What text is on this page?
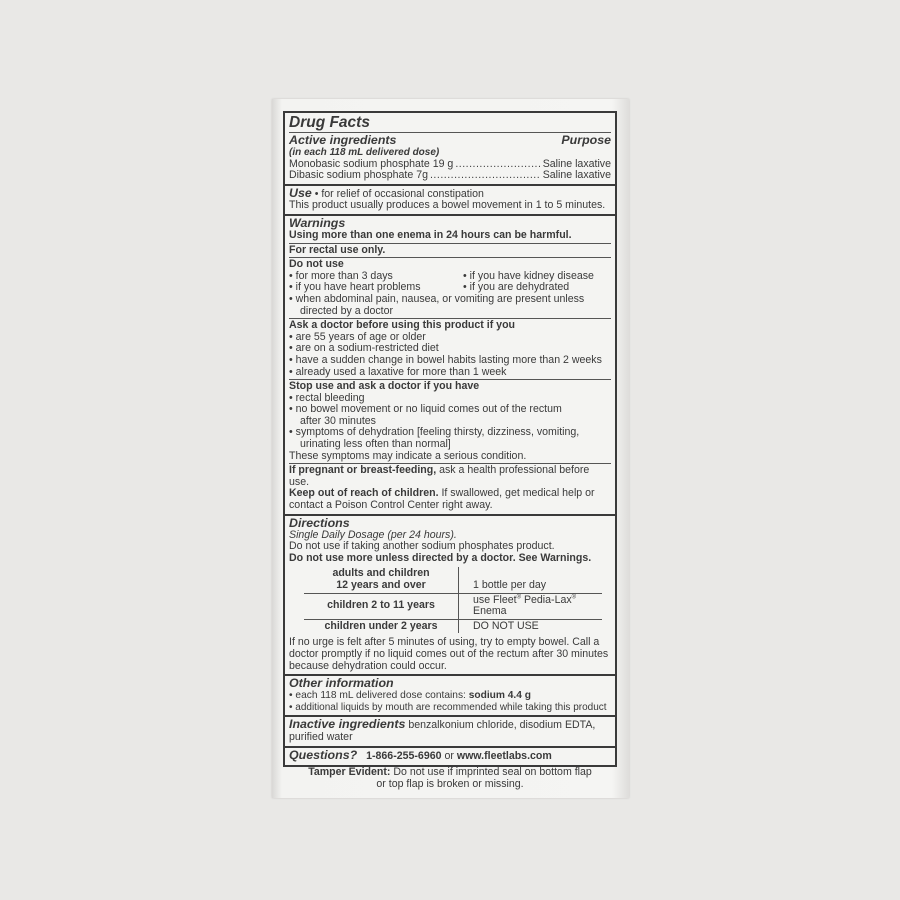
Drug Facts
Active ingredients	Purpose
(in each 118 mL delivered dose)
Monobasic sodium phosphate 19 g .....	Saline laxative
Dibasic sodium phosphate 7g .....	Saline laxative
Use • for relief of occasional constipation
This product usually produces a bowel movement in 1 to 5 minutes.
Warnings
Using more than one enema in 24 hours can be harmful.
For rectal use only.
Do not use
• for more than 3 days
• if you have heart problems
• if you have kidney disease
• if you are dehydrated
• when abdominal pain, nausea, or vomiting are present unless
directed by a doctor
Ask a doctor before using this product if you
• are 55 years of age or older
• are on a sodium-restricted diet
• have a sudden change in bowel habits lasting more than 2 weeks
• already used a laxative for more than 1 week
Stop use and ask a doctor if you have
• rectal bleeding
• no bowel movement or no liquid comes out of the rectum
after 30 minutes
• symptoms of dehydration [feeling thirsty, dizziness, vomiting,
urinating less often than normal]
These symptoms may indicate a serious condition.
If pregnant or breast-feeding, ask a health professional before use.
Keep out of reach of children. If swallowed, get medical help or
contact a Poison Control Center right away.
Directions
Single Daily Dosage (per 24 hours).
Do not use if taking another sodium phosphates product.
Do not use more unless directed by a doctor. See Warnings.
adults and children
12 years and over	1 bottle per day
children 2 to 11 years	use Fleet® Pedia-Lax® Enema
children under 2 years	DO NOT USE
If no urge is felt after 5 minutes of using, try to empty bowel. Call a
doctor promptly if no liquid comes out of the rectum after 30 minutes
because dehydration could occur.
Other information
• each 118 mL delivered dose contains: sodium 4.4 g
• additional liquids by mouth are recommended while taking this product
Inactive ingredients benzalkonium chloride, disodium EDTA,
purified water
Questions? 1-866-255-6960 or www.fleetlabs.com
Tamper Evident: Do not use if imprinted seal on bottom flap
or top flap is broken or missing.
